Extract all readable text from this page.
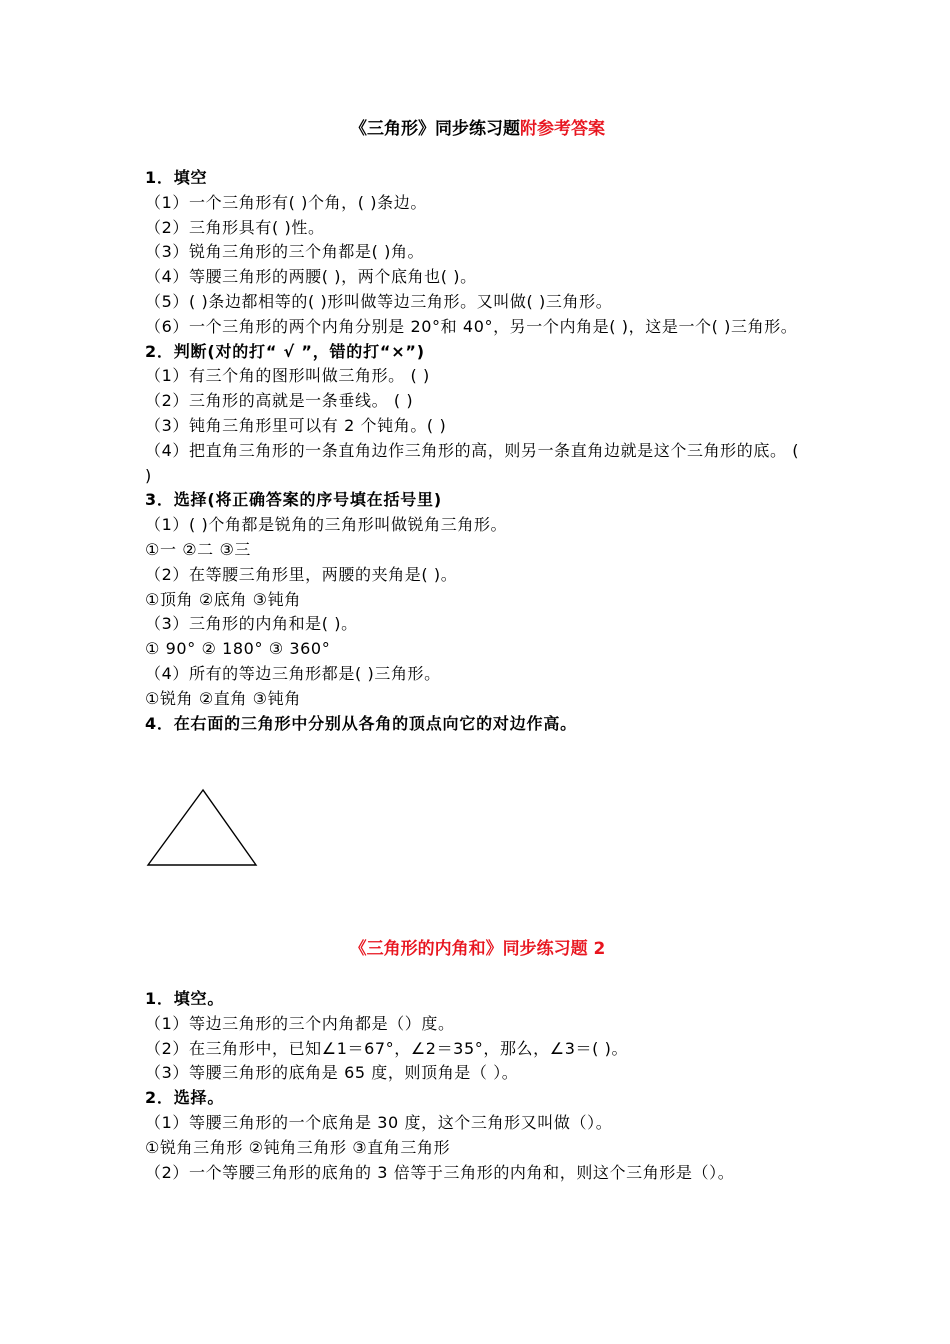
《三角形》同步练习题附参考答案
1．填空
（1）一个三角形有( )个角，( )条边。
（2）三角形具有( )性。
（3）锐角三角形的三个角都是( )角。
（4）等腰三角形的两腰( )，两个底角也( )。
（5）( )条边都相等的( )形叫做等边三角形。又叫做( )三角形。
（6）一个三角形的两个内角分别是 20°和 40°，另一个内角是( )，这是一个( )三角形。
2．判断(对的打“ √ ”，错的打“×”)
（1）有三个角的图形叫做三角形。 ( )
（2）三角形的高就是一条垂线。 ( )
（3）钝角三角形里可以有 2 个钝角。( )
（4）把直角三角形的一条直角边作三角形的高，则另一条直角边就是这个三角形的底。 ( )
3．选择(将正确答案的序号填在括号里)
（1）( )个角都是锐角的三角形叫做锐角三角形。
①一 ②二 ③三
（2）在等腰三角形里，两腰的夹角是( )。
①顶角 ②底角 ③钝角
（3）三角形的内角和是( )。
① 90° ② 180° ③ 360°
（4）所有的等边三角形都是( )三角形。
①锐角 ②直角 ③钝角
4．在右面的三角形中分别从各角的顶点向它的对边作高。
《三角形的内角和》同步练习题 2
1．填空。
（1）等边三角形的三个内角都是（）度。
（2）在三角形中，已知∠1＝67°，∠2＝35°，那么，∠3＝( )。
（3）等腰三角形的底角是 65 度，则顶角是（ ）。
2．选择。
（1）等腰三角形的一个底角是 30 度，这个三角形又叫做（）。
①锐角三角形 ②钝角三角形 ③直角三角形
（2）一个等腰三角形的底角的 3 倍等于三角形的内角和，则这个三角形是（）。
